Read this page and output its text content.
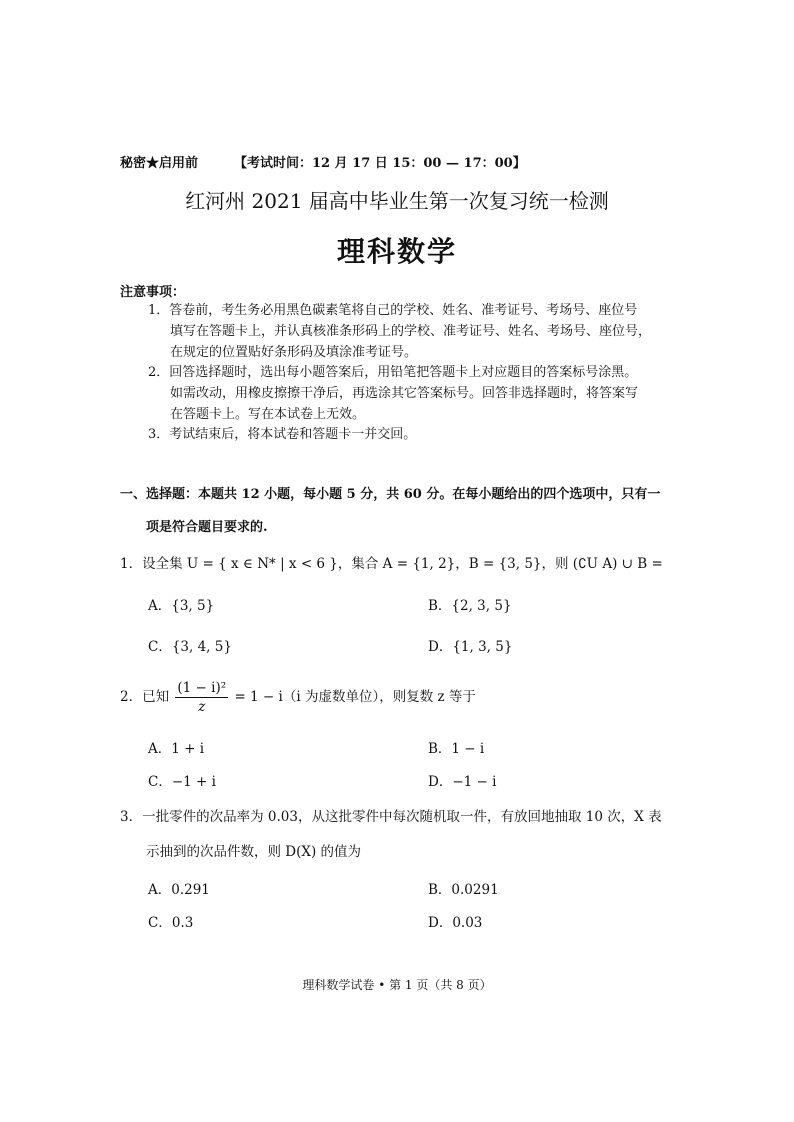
秘密★启用前	【考试时间：12 月 17 日 15：00 — 17：00】
红河州 2021 届高中毕业生第一次复习统一检测
理科数学
注意事项：
1．答卷前，考生务必用黑色碳素笔将自己的学校、姓名、准考证号、考场号、座位号
填写在答题卡上，并认真核准条形码上的学校、准考证号、姓名、考场号、座位号，
在规定的位置贴好条形码及填涂准考证号。
2．回答选择题时，选出每小题答案后，用铅笔把答题卡上对应题目的答案标号涂黑。
如需改动，用橡皮擦擦干净后，再选涂其它答案标号。回答非选择题时，将答案写
在答题卡上。写在本试卷上无效。
3．考试结束后，将本试卷和答题卡一并交回。
一、选择题：本题共 12 小题，每小题 5 分，共 60 分。在每小题给出的四个选项中，只有一
项是符合题目要求的.
1．设全集 U = { x ∈ N* | x < 6 }，集合 A = {1, 2}，B = {3, 5}，则 (∁U A) ∪ B =
A．{3, 5}	B．{2, 3, 5}
C．{3, 4, 5}	D．{1, 3, 5}
2．已知 $\frac{\text{(1 − i)²}}{z} = 1 - i(i$ 为虚数单位），则复数 z 等于
A．1 + i	B．1 − i
C．−1 + i	D．−1 − i
3．一批零件的次品率为 0.03，从这批零件中每次随机取一件，有放回地抽取 10 次，X 表
示抽到的次品件数，则 D(X) 的值为
A．0.291	B．0.0291
C．0.3	D．0.03
理科数学试卷 • 第 1 页（共 8 页）
